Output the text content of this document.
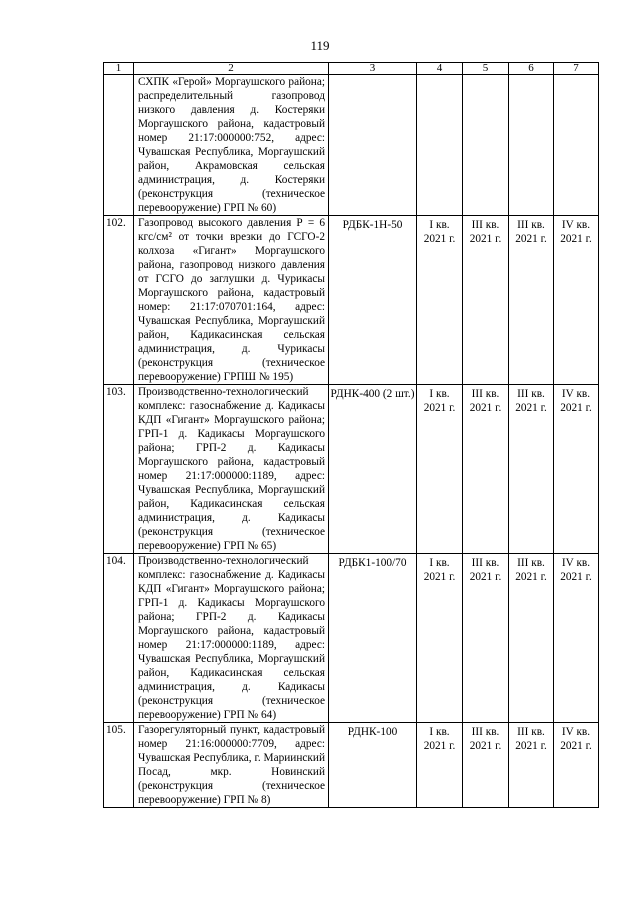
119
1	2	3	4	5	6	7
	СХПК «Герой» Моргаушского района; распределительный газопровод низкого давления д. Костеряки Моргаушского района, кадастровый номер 21:17:000000:752, адрес: Чувашская Республика, Моргаушский район, Акрамовская сельская администрация, д. Костеряки (реконструкция (техническое перевооружение) ГРП № 60)		

102.	Газопровод высокого давления Р = 6 кгс/см² от точки врезки до ГСГО-2 колхоза «Гигант» Моргаушского района, газопровод низкого давления от ГСГО до заглушки д. Чурикасы Моргаушского района, кадастровый номер: 21:17:070701:164, адрес: Чувашская Республика, Моргаушский район, Кадикасинская сельская администрация, д. Чурикасы (реконструкция (техническое перевооружение) ГРПШ № 195)	РДБК-1Н-50	I кв.
2021 г.	III кв.
2021 г.	III кв.
2021 г.	IV кв.
2021 г.

103.	Производственно-технологический комплекс: газоснабжение д. Кадикасы КДП «Гигант» Моргаушского района; ГРП-1 д. Кадикасы Моргаушского района; ГРП-2 д. Кадикасы Моргаушского района, кадастровый номер 21:17:000000:1189, адрес: Чувашская Республика, Моргаушский район, Кадикасинская сельская администрация, д. Кадикасы (реконструкция (техническое перевооружение) ГРП № 65)	РДНК-400 (2 шт.)	I кв.
2021 г.	III кв.
2021 г.	III кв.
2021 г.	IV кв.
2021 г.

104.	Производственно-технологический комплекс: газоснабжение д. Кадикасы КДП «Гигант» Моргаушского района; ГРП-1 д. Кадикасы Моргаушского района; ГРП-2 д. Кадикасы Моргаушского района, кадастровый номер 21:17:000000:1189, адрес: Чувашская Республика, Моргаушский район, Кадикасинская сельская администрация, д. Кадикасы (реконструкция (техническое перевооружение) ГРП № 64)	РДБК1-100/70	I кв.
2021 г.	III кв.
2021 г.	III кв.
2021 г.	IV кв.
2021 г.

105.	Газорегуляторный пункт, кадастровый номер 21:16:000000:7709, адрес: Чувашская Республика, г. Мариинский Посад, мкр. Новинский (реконструкция (техническое перевооружение) ГРП № 8)	РДНК-100	I кв.
2021 г.	III кв.
2021 г.	III кв.
2021 г.	IV кв.
2021 г.
